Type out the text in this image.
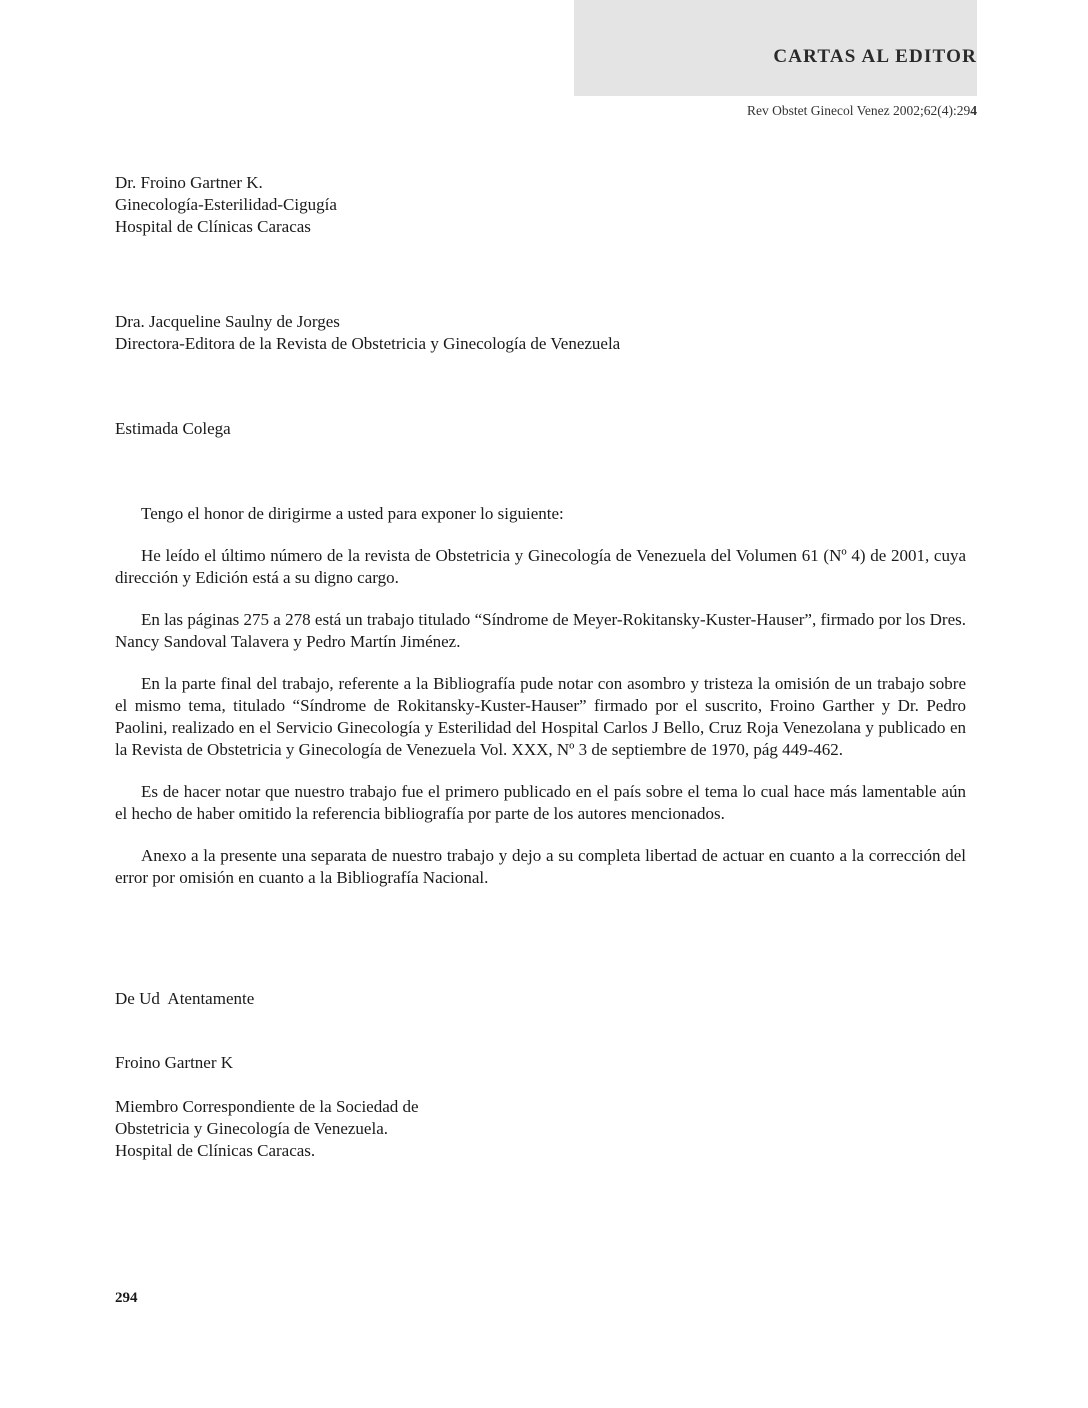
CARTAS AL EDITOR
Rev Obstet Ginecol Venez 2002;62(4):294
Dr. Froino Gartner K.
Ginecología-Esterilidad-Cigugía
Hospital de Clínicas Caracas
Dra. Jacqueline Saulny de Jorges
Directora-Editora de la Revista de Obstetricia y Ginecología de Venezuela
Estimada Colega

Tengo el honor de dirigirme a usted para exponer lo siguiente:

He leído el último número de la revista de Obstetricia y Ginecología de Venezuela del Volumen 61 (Nº 4) de 2001, cuya dirección y Edición está a su digno cargo.

En las páginas 275 a 278 está un trabajo titulado “Síndrome de Meyer-Rokitansky-Kuster-Hauser”, firmado por los Dres. Nancy Sandoval Talavera y Pedro Martín Jiménez.

En la parte final del trabajo, referente a la Bibliografía pude notar con asombro y tristeza la omisión de un trabajo sobre el mismo tema, titulado “Síndrome de Rokitansky-Kuster-Hauser” firmado por el suscrito, Froino Garther y Dr. Pedro Paolini, realizado en el Servicio Ginecología y Esterilidad del Hospital Carlos J Bello, Cruz Roja Venezolana y publicado en la Revista de Obstetricia y Ginecología de Venezuela Vol. XXX, Nº 3 de septiembre de 1970, pág 449-462.

Es de hacer notar que nuestro trabajo fue el primero publicado en el país sobre el tema lo cual hace más lamentable aún el hecho de haber omitido la referencia bibliografía por parte de los autores mencionados.

Anexo a la presente una separata de nuestro trabajo y dejo a su completa libertad de actuar en cuanto a la corrección del error por omisión en cuanto a la Bibliografía Nacional.

De Ud  Atentamente
Froino Gartner K
Miembro Correspondiente de la Sociedad de
Obstetricia y Ginecología de Venezuela.
Hospital de Clínicas Caracas.
294
